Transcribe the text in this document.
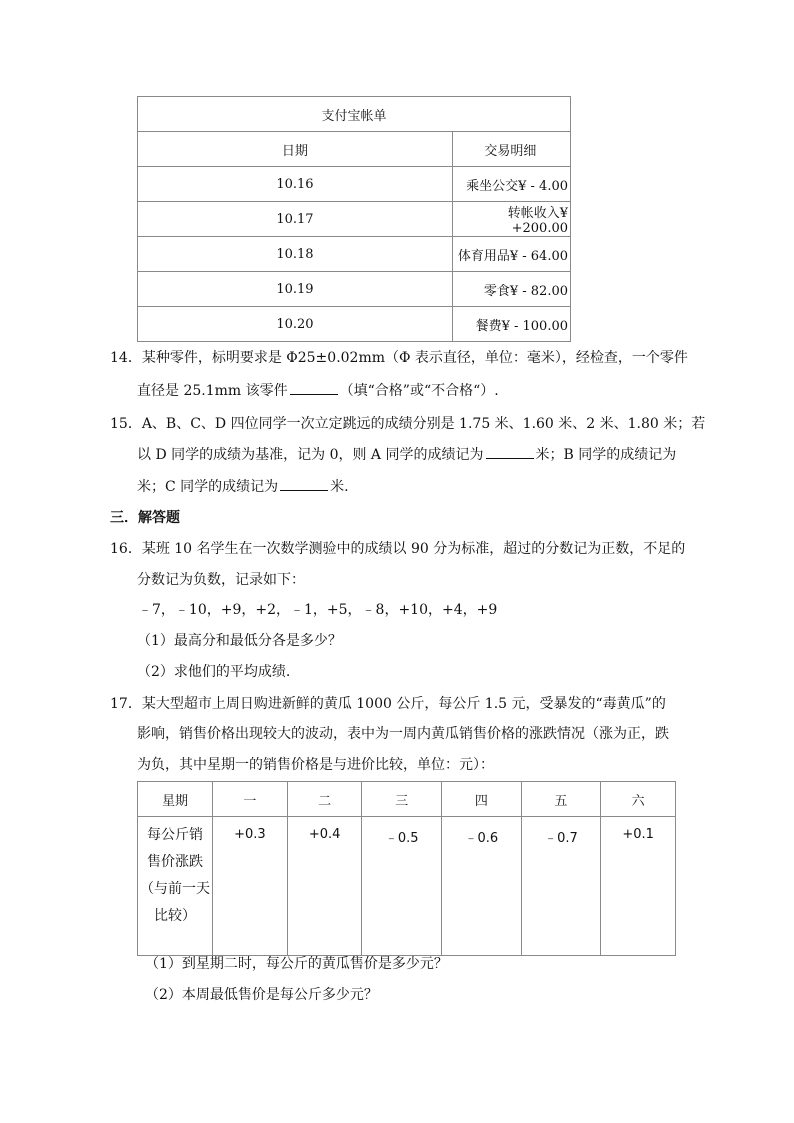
支付宝帐单	
日期	交易明细
10.16	乘坐公交¥ - 4.00
10.17	转帐收入¥+200.00
10.18	体育用品¥ - 64.00
10.19	零食¥ - 82.00
10.20	餐费¥ - 100.00
14．某种零件，标明要求是 Φ25±0.02mm（Φ 表示直径，单位：毫米），经检查，一个零件
直径是 25.1mm 该零件	（填“合格”或“不合格“）.
15．A、B、C、D 四位同学一次立定跳远的成绩分别是 1.75 米、1.60 米、2 米、1.80 米；若
以 D 同学的成绩为基准，记为 0，则 A 同学的成绩记为	米；B 同学的成绩记为
米；C 同学的成绩记为	米.
三．解答题
16．某班 10 名学生在一次数学测验中的成绩以 90 分为标准，超过的分数记为正数，不足的
分数记为负数，记录如下：
﹣7，﹣10，+9，+2，﹣1，+5，﹣8，+10，+4，+9
（1）最高分和最低分各是多少？
（2）求他们的平均成绩.
17．某大型超市上周日购进新鲜的黄瓜 1000 公斤，每公斤 1.5 元，受暴发的“毒黄瓜”的
影响，销售价格出现较大的波动，表中为一周内黄瓜销售价格的涨跌情况（涨为正，跌
为负，其中星期一的销售价格是与进价比较，单位：元）：
星期	一	二	三	四	五	六

每公斤销
售价涨跌
（与前一天
比较）	+0.3	+0.4	﹣0.5	﹣0.6	﹣0.7	+0.1
（1）到星期二时，每公斤的黄瓜售价是多少元？
（2）本周最低售价是每公斤多少元？
